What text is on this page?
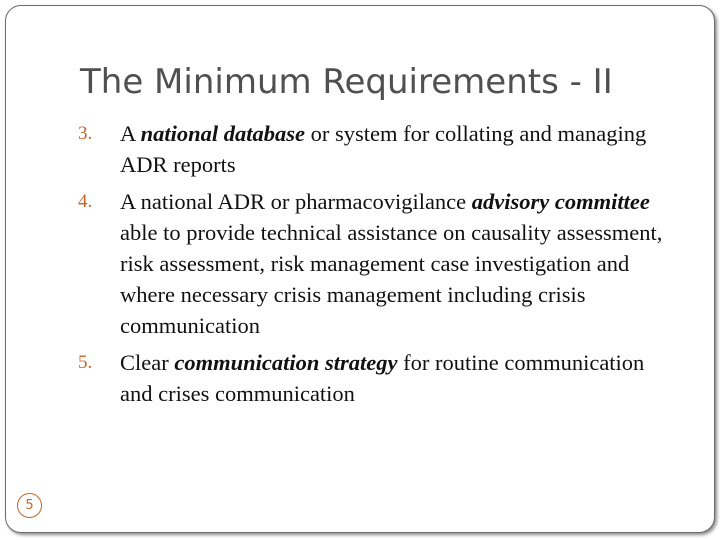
The Minimum Requirements - II
3.	A national database or system for collating and managing ADR reports
4.	A national ADR or pharmacovigilance advisory committee able to provide technical assistance on causality assessment, risk assessment, risk management case investigation and where necessary crisis management including crisis communication
5.	Clear communication strategy for routine communication and crises communication
5
